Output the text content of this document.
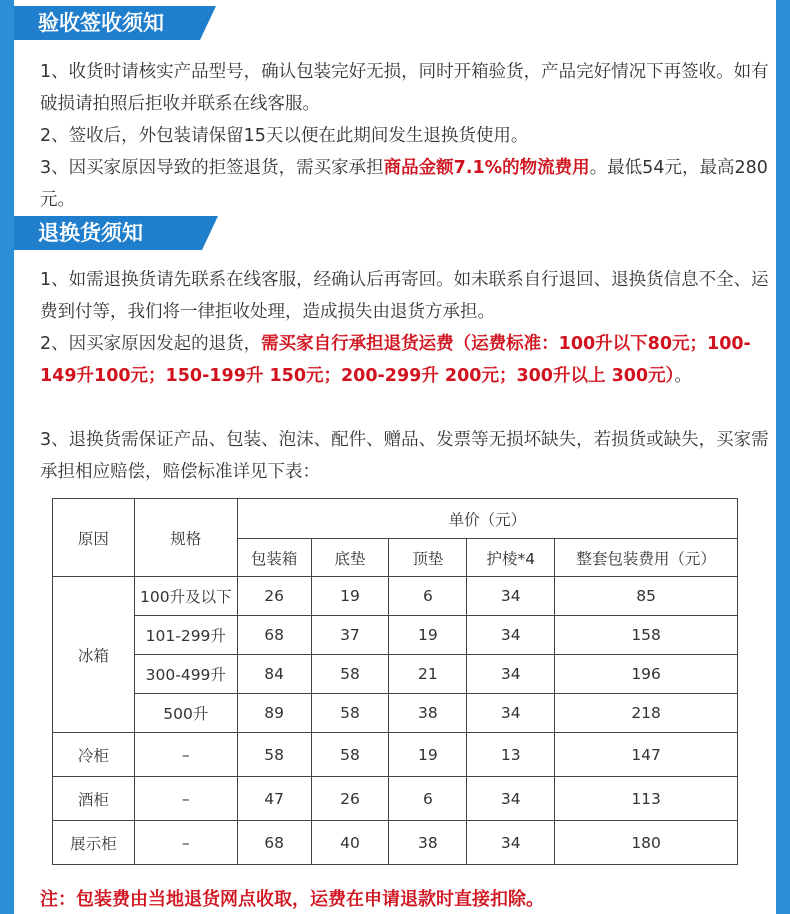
验收签收须知
1、收货时请核实产品型号，确认包装完好无损，同时开箱验货，产品完好情况下再签收。如有破损请拍照后拒收并联系在线客服。
2、签收后，外包装请保留15天以便在此期间发生退换货使用。
3、因买家原因导致的拒签退货，需买家承担商品金额7.1%的物流费用。最低54元，最高280元。
退换货须知
1、如需退换货请先联系在线客服，经确认后再寄回。如未联系自行退回、退换货信息不全、运费到付等，我们将一律拒收处理，造成损失由退货方承担。
2、因买家原因发起的退货，需买家自行承担退货运费（运费标准：100升以下80元；100-149升100元；150-199升 150元；200-299升 200元；300升以上 300元）。
3、退换货需保证产品、包装、泡沫、配件、赠品、发票等无损坏缺失，若损货或缺失，买家需承担相应赔偿，赔偿标准详见下表：
原因	规格	单价（元）				
		包装箱	底垫	顶垫	护棱*4	整套包装费用（元）
冰箱	100升及以下	26	19	6	34	85
	101-299升	68	37	19	34	158
	300-499升	84	58	21	34	196
	500升	89	58	38	34	218
冷柜	–	58	58	19	13	147
酒柜	–	47	26	6	34	113
展示柜	–	68	40	38	34	180
注：包装费由当地退货网点收取，运费在申请退款时直接扣除。
